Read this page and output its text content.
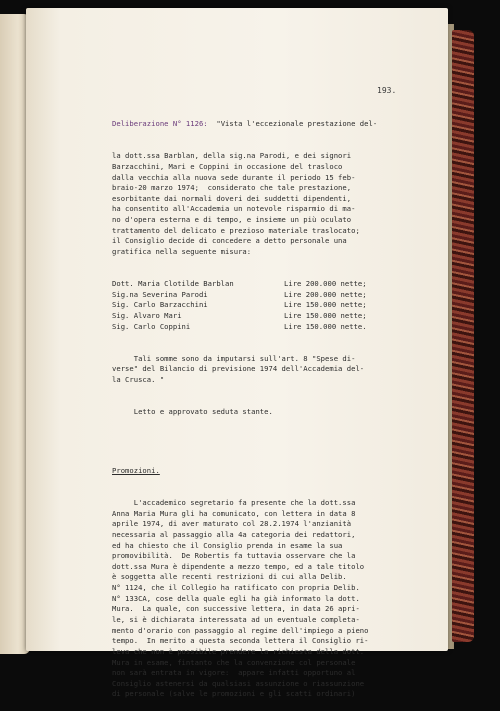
193.

Deliberazione N° 1126: "Vista l'eccezionale prestazione del-

la dott.ssa Barblan, della sig.na Parodi, e dei signori
Barzacchini, Mari e Coppini in occasione del trasloco
dalla vecchia alla nuova sede durante il periodo 15 feb-
braio-20 marzo 1974;  considerato che tale prestazione,
esorbitante dai normali doveri dei suddetti dipendenti,
ha consentito all'Accademia un notevole risparmio di ma-
no d'opera esterna e di tempo, e insieme un più oculato
trattamento del delicato e prezioso materiale traslocato;
il Consiglio decide di concedere a detto personale una
gratifica nella seguente misura:

Dott. Maria Clotilde Barblan	Lire 200.000 nette;
Sig.na Severina Parodi	Lire 200.000 nette;
Sig. Carlo Barzacchini	Lire 150.000 nette;
Sig. Alvaro Mari	Lire 150.000 nette;
Sig. Carlo Coppini	Lire 150.000 nette.

Tali somme sono da imputarsi sull'art. 8 "Spese di-
verse" del Bilancio di previsione 1974 dell'Accademia del-
la Crusca. "

Letto e approvato seduta stante.

Promozioni.

L'accademico segretario fa presente che la dott.ssa
Anna Maria Mura gli ha comunicato, con lettera in data 8
aprile 1974, di aver maturato col 28.2.1974 l'anzianità
necessaria al passaggio alla 4a categoria dei redattori,
ed ha chiesto che il Consiglio prenda in esame la sua
promovibilità.  De Robertis fa tuttavia osservare che la
dott.ssa Mura è dipendente a mezzo tempo, ed a tale titolo
è soggetta alle recenti restrizioni di cui alla Delib.
N° 1124, che il Collegio ha ratificato con propria Delib.
N° 133CA, cose della quale egli ha già informato la dott.
Mura.  La quale, con successive lettera, in data 26 apri-
le, si è dichiarata interessata ad un eventuale completa-
mento d'orario con passaggio al regime dell'impiego a pieno
tempo.  In merito a questa seconda lettera il Consiglio ri-
leva che non è possibile prendere la richiesta della dott.
Mura in esame, fintanto che la convenzione col personale
non sarà entrata in vigore:  appare infatti opportuno al
Consiglio astenersi da qualsiasi assunzione o riassunzione
di personale (salve le promozioni e gli scatti ordinari)
